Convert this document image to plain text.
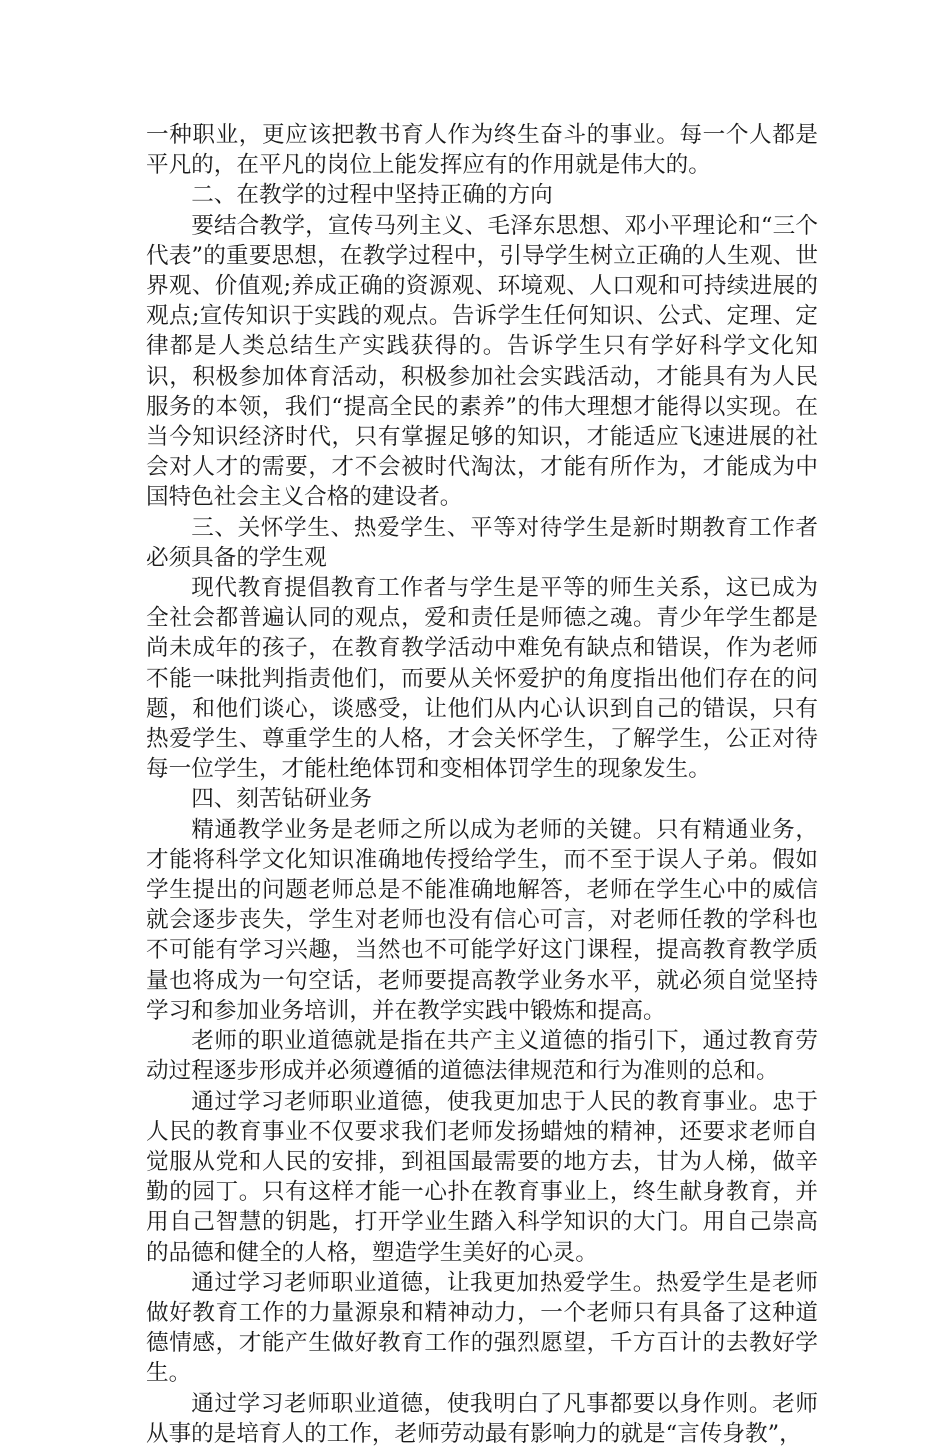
一种职业，更应该把教书育人作为终生奋斗的事业。每一个人都是平凡的，在平凡的岗位上能发挥应有的作用就是伟大的。

二、在教学的过程中坚持正确的方向

要结合教学，宣传马列主义、毛泽东思想、邓小平理论和“三个代表”的重要思想，在教学过程中，引导学生树立正确的人生观、世界观、价值观;养成正确的资源观、环境观、人口观和可持续进展的观点;宣传知识于实践的观点。告诉学生任何知识、公式、定理、定律都是人类总结生产实践获得的。告诉学生只有学好科学文化知识，积极参加体育活动，积极参加社会实践活动，才能具有为人民服务的本领，我们“提高全民的素养”的伟大理想才能得以实现。在当今知识经济时代，只有掌握足够的知识，才能适应飞速进展的社会对人才的需要，才不会被时代淘汰，才能有所作为，才能成为中国特色社会主义合格的建设者。

三、关怀学生、热爱学生、平等对待学生是新时期教育工作者必须具备的学生观

现代教育提倡教育工作者与学生是平等的师生关系，这已成为全社会都普遍认同的观点，爱和责任是师德之魂。青少年学生都是尚未成年的孩子，在教育教学活动中难免有缺点和错误，作为老师不能一味批判指责他们，而要从关怀爱护的角度指出他们存在的问题，和他们谈心，谈感受，让他们从内心认识到自己的错误，只有热爱学生、尊重学生的人格，才会关怀学生，了解学生，公正对待每一位学生，才能杜绝体罚和变相体罚学生的现象发生。

四、刻苦钻研业务

精通教学业务是老师之所以成为老师的关键。只有精通业务，才能将科学文化知识准确地传授给学生，而不至于误人子弟。假如学生提出的问题老师总是不能准确地解答，老师在学生心中的威信就会逐步丧失，学生对老师也没有信心可言，对老师任教的学科也不可能有学习兴趣，当然也不可能学好这门课程，提高教育教学质量也将成为一句空话，老师要提高教学业务水平，就必须自觉坚持学习和参加业务培训，并在教学实践中锻炼和提高。

老师的职业道德就是指在共产主义道德的指引下，通过教育劳动过程逐步形成并必须遵循的道德法律规范和行为准则的总和。

通过学习老师职业道德，使我更加忠于人民的教育事业。忠于人民的教育事业不仅要求我们老师发扬蜡烛的精神，还要求老师自觉服从党和人民的安排，到祖国最需要的地方去，甘为人梯，做辛勤的园丁。只有这样才能一心扑在教育事业上，终生献身教育，并用自己智慧的钥匙，打开学业生踏入科学知识的大门。用自己崇高的品德和健全的人格，塑造学生美好的心灵。

通过学习老师职业道德，让我更加热爱学生。热爱学生是老师做好教育工作的力量源泉和精神动力，一个老师只有具备了这种道德情感，才能产生做好教育工作的强烈愿望，千方百计的去教好学生。

通过学习老师职业道德，使我明白了凡事都要以身作则。老师从事的是培育人的工作，老师劳动最有影响力的就是“言传身教”，
